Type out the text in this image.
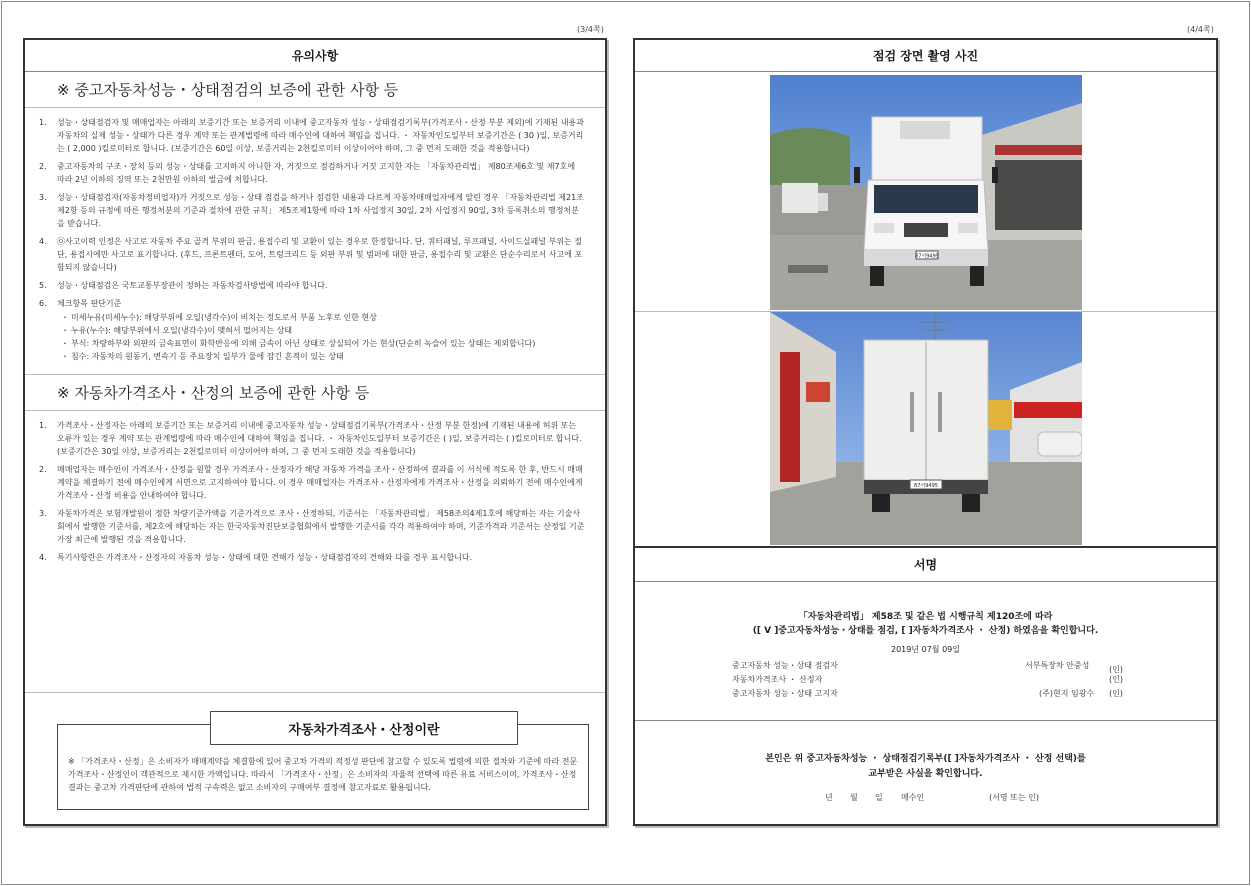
(3/4쪽)	(4/4쪽)
유의사항
※ 중고자동차성능・상태점검의 보증에 관한 사항 등
1.	성능・상태점검자 및 매매업자는 아래의 보증기간 또는 보증거리 이내에 중고자동차 성능・상태점검기록부(가격조사・산정 부분 제외)에 기재된 내용과 자동차의 실제 성능・상태가 다른 경우 계약 또는 관계법령에 따라 매수인에 대하여 책임을 집니다. ・ 자동차인도일부터 보증기간은 ( 30 )일, 보증거리는 ( 2,000 )킬로미터로 합니다. (보증기간은 60일 이상, 보증거리는 2천킬로미터 이상이어야 하며, 그 중 먼저 도래한 것을 적용합니다)
2.	중고자동차의 구조・장치 등의 성능・상태를 고지하지 아니한 자, 거짓으로 점검하거나 거짓 고지한 자는 「자동차관리법」 제80조제6호 및 제7호에 따라 2년 이하의 징역 또는 2천만원 이하의 벌금에 처합니다.
3.	성능・상태점검자(자동차정비업자)가 거짓으로 성능・상태 점검을 하거나 점검한 내용과 다르게 자동차매매업자에게 알린 경우 「자동차관리법 제21조제2항 등의 규정에 따른 행정처분의 기준과 절차에 관한 규칙」 제5조제1항에 따라 1차 사업정지 30일, 2차 사업정지 90일, 3차 등록취소의 행정처분을 받습니다.
4.	㉧사고이력 인정은 사고로 자동차 주요 골격 부위의 판금, 용접수리 및 교환이 있는 경우로 한정합니다. 단, 쿼터패널, 루프패널, 사이드실패널 부위는 절단, 용접시에만 사고로 표기합니다. (후드, 프론트펜더, 도어, 트렁크리드 등 외판 부위 및 범퍼에 대한 판금, 용접수리 및 교환은 단순수리로서 사고에 포함되지 않습니다)
5.	성능・상태점검은 국토교통부장관이 정하는 자동차검사방법에 따라야 합니다.
6.	체크항목 판단기준
・ 미세누유(미세누수): 해당부위에 오일(냉각수)이 비치는 정도로서 부품 노후로 인한 현상
・ 누유(누수): 해당부위에서 오일(냉각수)이 맺혀서 떨어지는 상태
・ 부식: 차량하부와 외판의 금속표면이 화학반응에 의해 금속이 아닌 상태로 상실되어 가는 현상(단순히 녹슬어 있는 상태는 제외합니다)
・ 침수: 자동차의 원동기, 변속기 등 주요장치 일부가 물에 잠긴 흔적이 있는 상태
※ 자동차가격조사・산정의 보증에 관한 사항 등
1.	가격조사・산정자는 아래의 보증기간 또는 보증거리 이내에 중고자동차 성능・상태점검기록부(가격조사・산정 부분 한정)에 기재된 내용에 허위 또는 오류가 있는 경우 계약 또는 관계법령에 따라 매수인에 대하여 책임을 집니다. ・ 자동차인도일부터 보증기간은 ( )일, 보증거리는 ( )킬로미터로 합니다. (보증기간은 30일 이상, 보증거리는 2천킬로미터 이상이어야 하며, 그 중 먼저 도래한 것을 적용합니다)
2.	매매업자는 매수인이 가격조사・산정을 원할 경우 가격조사・산정자가 해당 자동차 가격을 조사・산정하여 결과를 이 서식에 적도록 한 후, 반드시 매매계약을 체결하기 전에 매수인에게 서면으로 고지하여야 합니다. 이 경우 매매업자는 가격조사・산정자에게 가격조사・산정을 의뢰하기 전에 매수인에게 가격조사・산정 비용을 안내하여야 합니다.
3.	자동차가격은 보험개발원이 정한 차량기준가액을 기준가격으로 조사・산정하되, 기준서는 「자동차관리법」 제58조의4제1호에 해당하는 자는 기술사회에서 발행한 기준서를, 제2호에 해당하는 자는 한국자동차진단보증협회에서 발행한 기준서를 각각 적용하여야 하며, 기준가격과 기준서는 산정일 기준 가장 최근에 발행된 것을 적용합니다.
4.	특기사항란은 가격조사・산정자의 자동차 성능・상태에 대한 견해가 성능・상태점검자의 견해와 다를 경우 표시합니다.
자동차가격조사・산정이란
※ 「가격조사・산정」은 소비자가 매매계약을 체결함에 있어 중고차 가격의 적정성 판단에 참고할 수 있도록 법령에 의한 절차와 기준에 따라 전문 가격조사・산정인이 객관적으로 제시한 가액입니다. 따라서 「가격조사・산정」은 소비자의 자율적 선택에 따른 유료 서비스이며, 가격조사・산정 결과는 중고차 가격판단에 관하여 법적 구속력은 없고 소비자의 구매여부 결정에 참고자료로 활용됩니다.
점검 장면 촬영 사진
87서9495
87서9495
서명
「자동차관리법」 제58조 및 같은 법 시행규칙 제120조에 따라
([ V ]중고자동차성능・상태를 점검, [ ]자동차가격조사 ・ 산정) 하였음을 확인합니다.
2019년 07월 09일
중고자동차 성능・상태 점검자	서부특장차 안중성 (인)
자동차가격조사 ・ 산정자	(인)
중고자동차 성능・상태 고지자	(주)현지 임광수 (인)
본인은 위 중고자동차성능 ・ 상태점검기록부([ ]자동차가격조사 ・ 산정 선택)를
교부받은 사실을 확인합니다.
년 월 일 매수인	(서명 또는 인)
